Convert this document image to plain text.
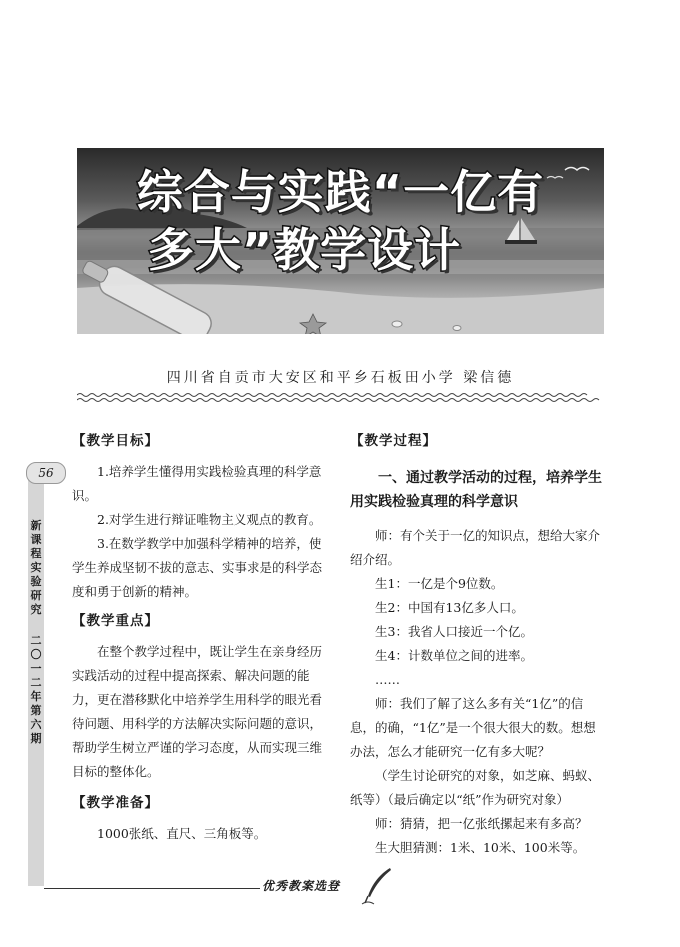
综合与实践“一亿有
多大”教学设计
四川省自贡市大安区和平乡石板田小学 梁信德
56
新课程实验研究
二〇一二年第六期
【教学目标】

1.培养学生懂得用实践检验真理的科学意识。

2.对学生进行辩证唯物主义观点的教育。

3.在数学教学中加强科学精神的培养，使学生养成坚韧不拔的意志、实事求是的科学态度和勇于创新的精神。

【教学重点】

在整个教学过程中，既让学生在亲身经历实践活动的过程中提高探索、解决问题的能力，更在潜移默化中培养学生用科学的眼光看待问题、用科学的方法解决实际问题的意识，帮助学生树立严谨的学习态度，从而实现三维目标的整体化。

【教学准备】

1000张纸、直尺、三角板等。

【教学过程】
一、通过教学活动的过程，培养学生用实践检验真理的科学意识

师：有个关于一亿的知识点，想给大家介绍介绍。

生1：一亿是个9位数。

生2：中国有13亿多人口。

生3：我省人口接近一个亿。

生4：计数单位之间的进率。

……

师：我们了解了这么多有关“1亿”的信息，的确，“1亿”是一个很大很大的数。想想办法，怎么才能研究一亿有多大呢？

（学生讨论研究的对象，如芝麻、蚂蚁、纸等）（最后确定以“纸”作为研究对象）

师：猜猜，把一亿张纸摞起来有多高？

生大胆猜测：1米、10米、100米等。

优秀教案选登
